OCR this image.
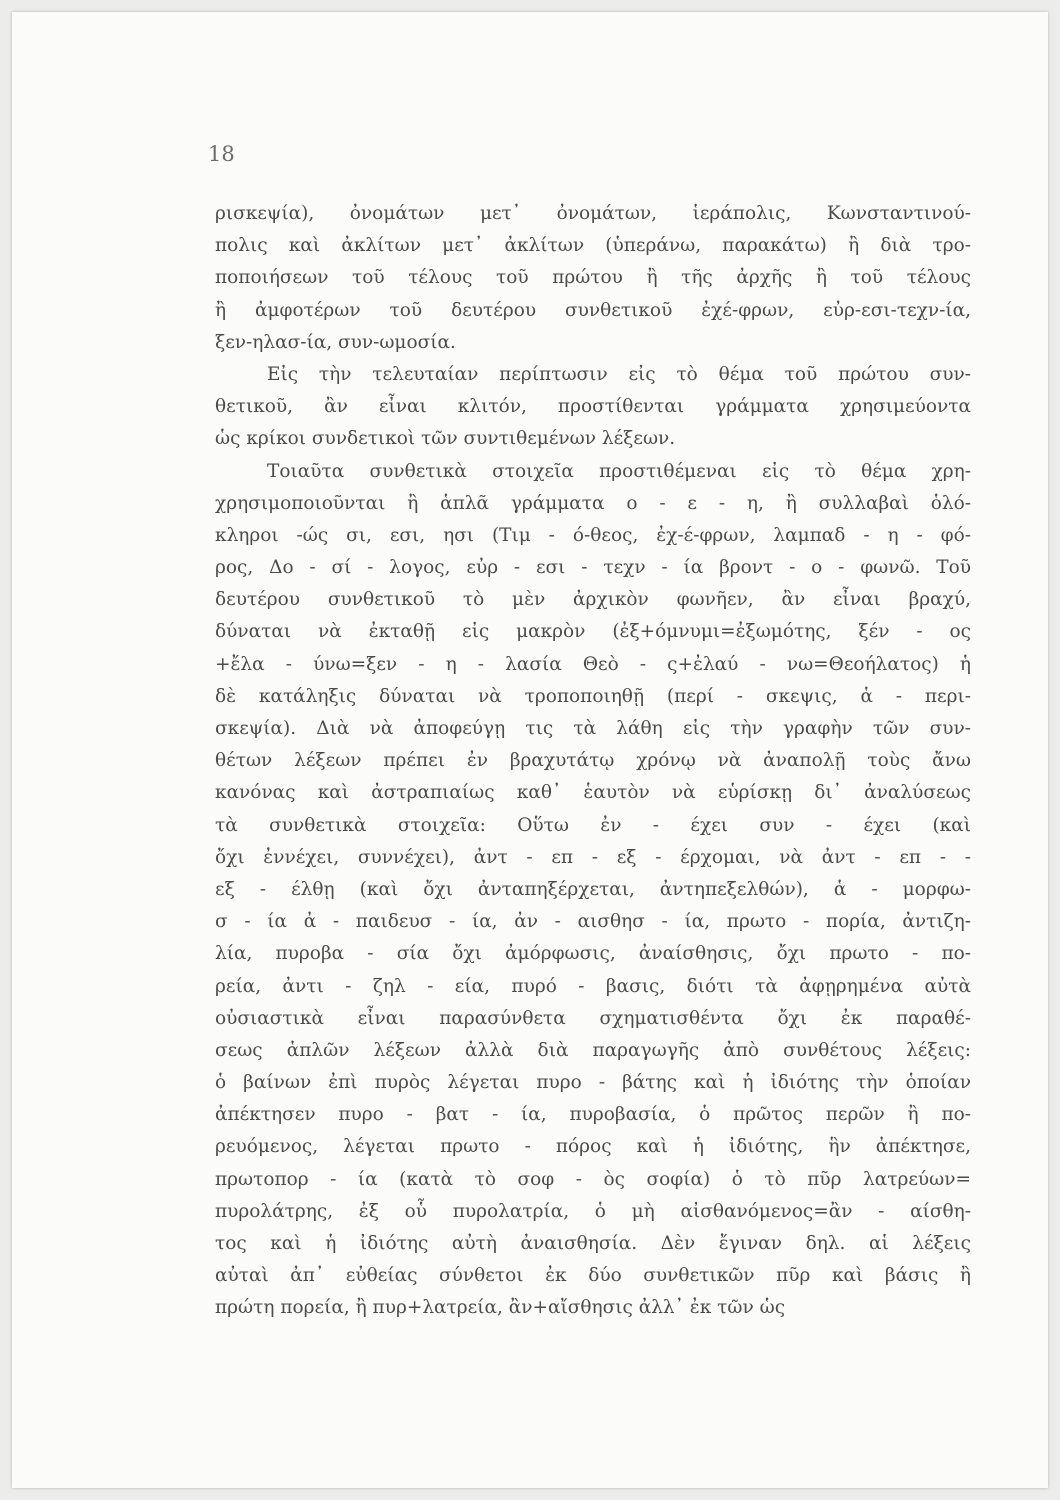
18
ρισκεψία), ὀνομάτων μετ᾽ ὀνομάτων, ἱεράπολις, Κωνσταντινού-
πολις καὶ ἀκλίτων μετ᾽ ἀκλίτων (ὑπεράνω, παρακάτω) ἢ διὰ τρο-
ποποιήσεων τοῦ τέλους τοῦ πρώτου ἢ τῆς ἀρχῆς ἢ τοῦ τέλους
ἢ ἀμφοτέρων τοῦ δευτέρου συνθετικοῦ ἐχέ-φρων, εὐρ-εσι-τεχν-ία,
ξεν-ηλασ-ία, συν-ωμοσία.
Εἰς τὴν τελευταίαν περίπτωσιν εἰς τὸ θέμα τοῦ πρώτου συν-
θετικοῦ, ἂν εἶναι κλιτόν, προστίθενται γράμματα χρησιμεύοντα
ὡς κρίκοι συνδετικοὶ τῶν συντιθεμένων λέξεων.
Τοιαῦτα συνθετικὰ στοιχεῖα προστιθέμεναι εἰς τὸ θέμα χρη-
χρησιμοποιοῦνται ἢ ἁπλᾶ γράμματα ο - ε - η, ἢ συλλαβαὶ ὁλό-
κληροι -ώς σι, εσι, ησι (Τιμ - ό-θεος, ἐχ-έ-φρων, λαμπαδ - η - φό-
ρος, Δο - σί - λογος, εὐρ - εσι - τεχν - ία βροντ - ο - φωνῶ. Τοῦ
δευτέρου συνθετικοῦ τὸ μὲν ἀρχικὸν φωνῆεν, ἂν εἶναι βραχύ,
δύναται νὰ ἐκταθῇ εἰς μακρὸν (ἐξ+όμνυμι=ἐξωμότης, ξέν - ος
+ἔλα - ύνω=ξεν - η - λασία Θεὸ - ς+ἐλαύ - νω=Θεοήλατος) ἡ
δὲ κατάληξις δύναται νὰ τροποποιηθῇ (περί - σκεψις, ἁ - περι-
σκεψία). Διὰ νὰ ἀποφεύγῃ τις τὰ λάθη εἰς τὴν γραφὴν τῶν συν-
θέτων λέξεων πρέπει ἐν βραχυτάτῳ χρόνῳ νὰ ἀναπολῇ τοὺς ἄνω
κανόνας καὶ ἀστραπιαίως καθ᾽ ἑαυτὸν νὰ εὑρίσκῃ δι᾽ ἀναλύσεως
τὰ συνθετικὰ στοιχεῖα: Οὕτω ἐν - έχει συν - έχει (καὶ
ὄχι ἐννέχει, συννέχει), ἀντ - επ - εξ - έρχομαι, νὰ ἀντ - επ - -
εξ - έλθῃ (καὶ ὄχι ἀνταπηξέρχεται, ἀντηπεξελθών), ἁ - μορφω-
σ - ία ἀ - παιδευσ - ία, ἀν - αισθησ - ία, πρωτο - πορία, ἀντιζη-
λία, πυροβα - σία ὄχι ἀμόρφωσις, ἀναίσθησις, ὄχι πρωτο - πο-
ρεία, ἀντι - ζηλ - εία, πυρό - βασις, διότι τὰ ἀφῃρημένα αὐτὰ
οὐσιαστικὰ εἶναι παρασύνθετα σχηματισθέντα ὄχι ἐκ παραθέ-
σεως ἁπλῶν λέξεων ἀλλὰ διὰ παραγωγῆς ἀπὸ συνθέτους λέξεις:
ὁ βαίνων ἐπὶ πυρὸς λέγεται πυρο - βάτης καὶ ἡ ἰδιότης τὴν ὁποίαν
ἀπέκτησεν πυρο - βατ - ία, πυροβασία, ὁ πρῶτος περῶν ἢ πο-
ρευόμενος, λέγεται πρωτο - πόρος καὶ ἡ ἰδιότης, ἣν ἀπέκτησε,
πρωτοπορ - ία (κατὰ τὸ σοφ - ὸς σοφία) ὁ τὸ πῦρ λατρεύων=
πυρολάτρης, ἐξ οὗ πυρολατρία, ὁ μὴ αἰσθανόμενος=ἂν - αίσθη-
τος καὶ ἡ ἰδιότης αὐτὴ ἀναισθησία. Δὲν ἔγιναν δηλ. αἱ λέξεις
αὐταὶ ἀπ᾽ εὐθείας σύνθετοι ἐκ δύο συνθετικῶν πῦρ καὶ βάσις ἢ
πρώτη πορεία, ἢ πυρ+λατρεία, ἂν+αἴσθησις ἀλλ᾽ ἐκ τῶν ὡς
